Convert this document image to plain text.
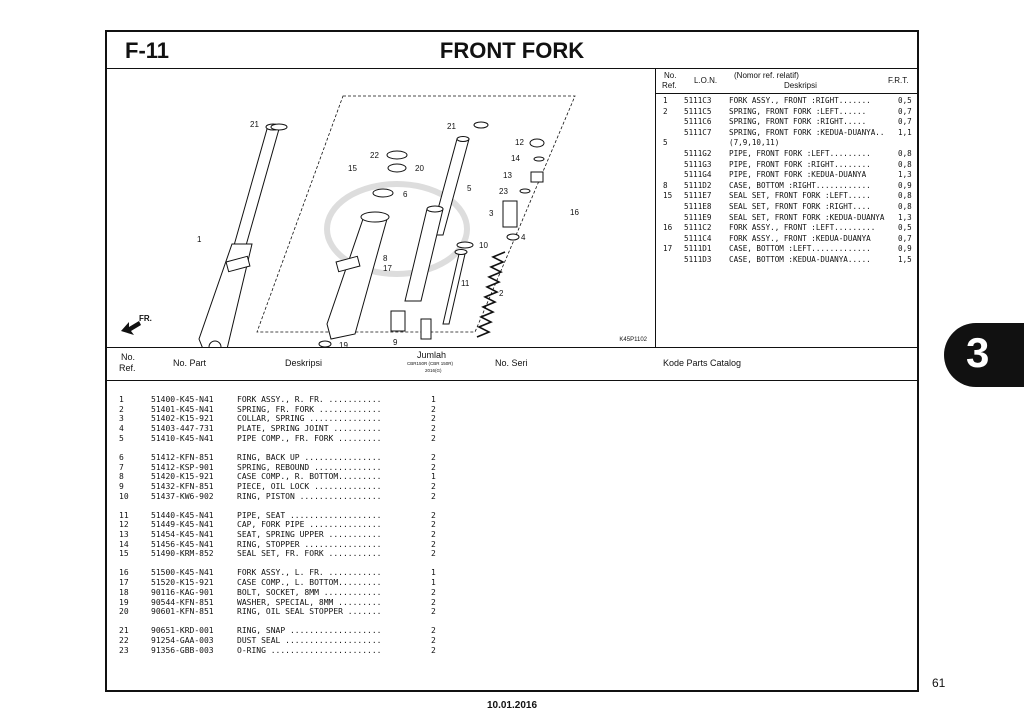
F-11	FRONT FORK
FR.
21	21
12
14
22
15	20
6
13
5	23
3	16
4
10
1
8
17
11
2
19	9	K45P1102
No.
Ref.
L.O.N.
(Nomor ref. relatif)
Deskripsi
F.R.T.
1 5111C3 FORK ASSY., FRONT :RIGHT.......	0,5
2 5111C5 SPRING, FRONT FORK :LEFT......	0,7
5111C6 SPRING, FRONT FORK :RIGHT.....	0,7
5111C7 SPRING, FRONT FORK :KEDUA-DUANYA.. 1,1
5	(7,9,10,11)
5111G2 PIPE, FRONT FORK :LEFT.........	0,8
5111G3 PIPE, FRONT FORK :RIGHT........	0,8
5111G4 PIPE, FRONT FORK :KEDUA-DUANYA	1,3
8 5111D2 CASE, BOTTOM :RIGHT............	0,9
15 5111E7 SEAL SET, FRONT FORK :LEFT.....	0,8
5111E8 SEAL SET, FRONT FORK :RIGHT....	0,8
5111E9 SEAL SET, FRONT FORK :KEDUA-DUANYA 1,3
16 5111C2 FORK ASSY., FRONT :LEFT.........	0,5
5111C4 FORK ASSY., FRONT :KEDUA-DUANYA	0,7
17 5111D1 CASE, BOTTOM :LEFT.............	0,9
5111D3 CASE, BOTTOM :KEDUA-DUANYA.....	1,5
No.
Ref.	No. Part	Deskripsi
Jumlah
CBR150R (CBR 150R)
2016(G)
No. Seri	Kode Parts Catalog
1	51400-K45-N41	FORK ASSY., R. FR. ...........	1
2	51401-K45-N41	SPRING, FR. FORK .............	2
3	51402-K15-921	COLLAR, SPRING ...............	2
4	51403-447-731	PLATE, SPRING JOINT ..........	2
5	51410-K45-N41	PIPE COMP., FR. FORK .........	2
6	51412-KFN-851	RING, BACK UP ................	2
7	51412-KSP-901	SPRING, REBOUND ..............	2
8	51420-K15-921	CASE COMP., R. BOTTOM.........	1
9	51432-KFN-851	PIECE, OIL LOCK ..............	2
10	51437-KW6-902	RING, PISTON .................	2
11	51440-K45-N41	PIPE, SEAT ...................	2
12	51449-K45-N41	CAP, FORK PIPE ...............	2
13	51454-K45-N41	SEAT, SPRING UPPER ...........	2
14	51456-K45-N41	RING, STOPPER ................	2
15	51490-KRM-852	SEAL SET, FR. FORK ...........	2
16	51500-K45-N41	FORK ASSY., L. FR. ...........	1
17	51520-K15-921	CASE COMP., L. BOTTOM.........	1
18	90116-KAG-901	BOLT, SOCKET, 8MM ............	2
19	90544-KFN-851	WASHER, SPECIAL, 8MM .........	2
20	90601-KFN-851	RING, OIL SEAL STOPPER .......	2
21	90651-KRD-001	RING, SNAP ...................	2
22	91254-GAA-003	DUST SEAL ....................	2
23	91356-GBB-003	O-RING .......................	2
3
61
10.01.2016
